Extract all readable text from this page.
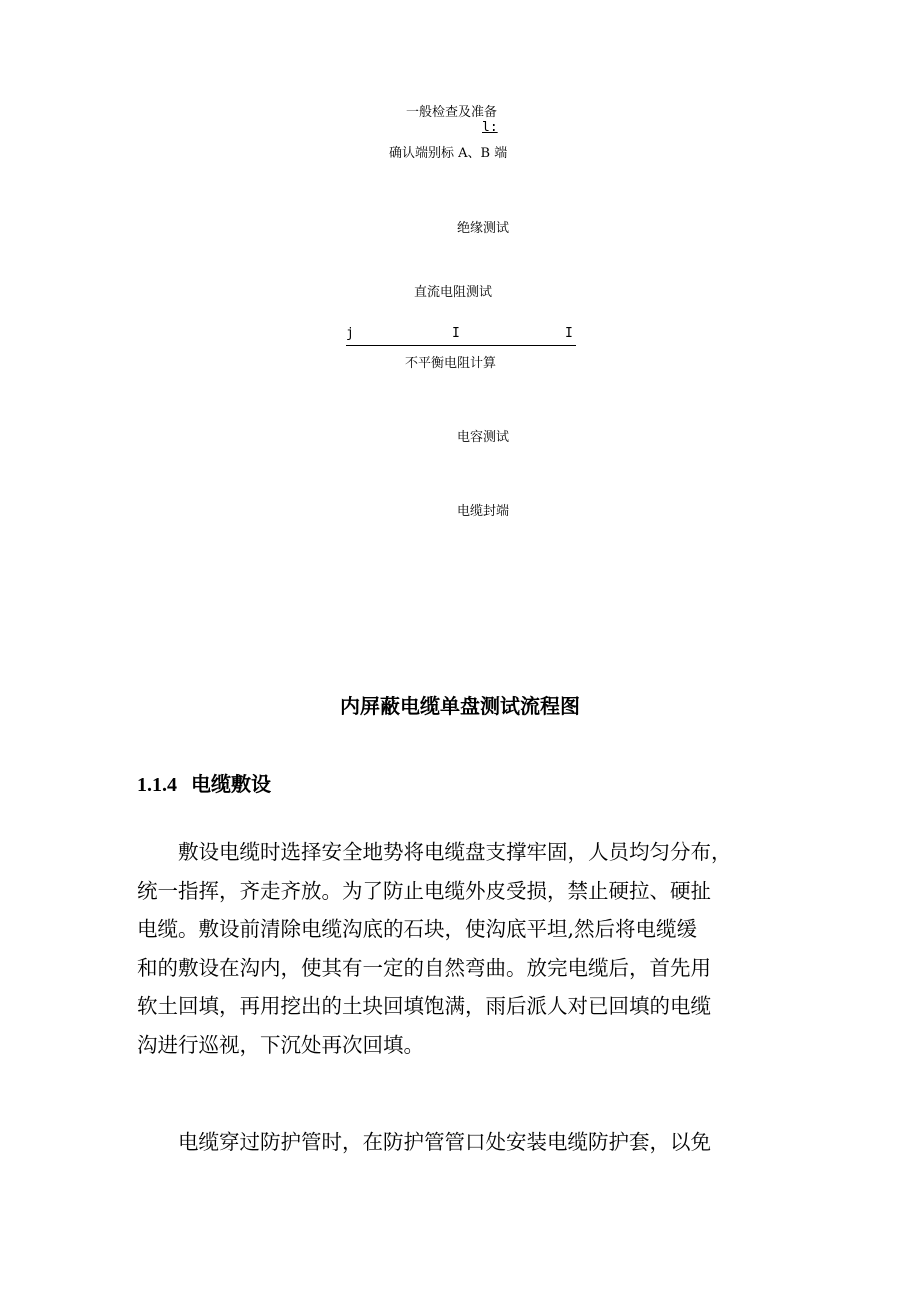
一般检查及准备
l:
确认端别标 A、B 端
绝缘测试
直流电阻测试
j	I	I
不平衡电阻计算
电容测试
电缆封端
内屏蔽电缆单盘测试流程图
1.1.4 电缆敷设
　　敷设电缆时选择安全地势将电缆盘支撑牢固，人员均匀分布，
统一指挥，齐走齐放。为了防止电缆外皮受损，禁止硬拉、硬扯
电缆。敷设前清除电缆沟底的石块，使沟底平坦,然后将电缆缓
和的敷设在沟内，使其有一定的自然弯曲。放完电缆后，首先用
软土回填，再用挖出的土块回填饱满，雨后派人对已回填的电缆
沟进行巡视，下沉处再次回填。
　　电缆穿过防护管时，在防护管管口处安装电缆防护套，以免
